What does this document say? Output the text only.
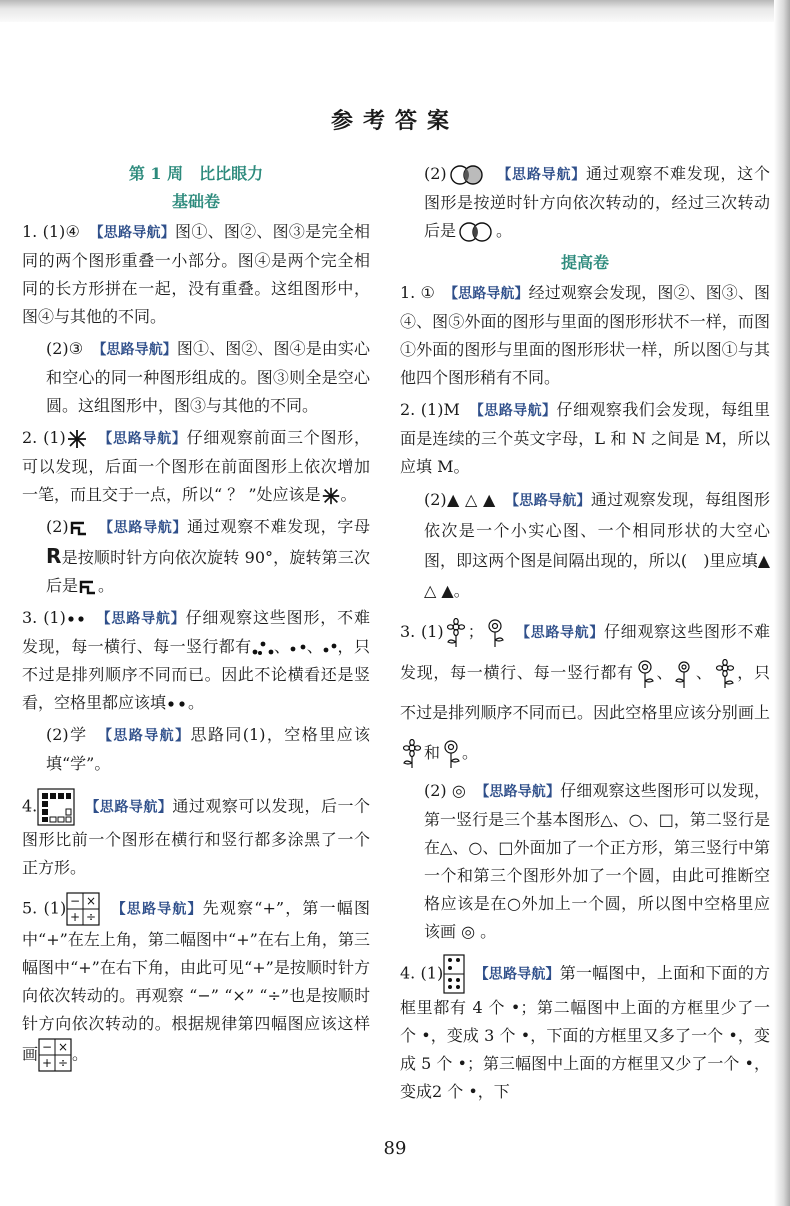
参考答案
第 1 周　比比眼力
基础卷

1. (1)④　【思路导航】图①、图②、图③是完全相同的两个图形重叠一小部分。图④是两个完全相同的长方形拼在一起，没有重叠。这组图形中，图④与其他的不同。

(2)③　【思路导航】图①、图②、图④是由实心和空心的同一种图形组成的。图③则全是空心圆。这组图形中，图③与其他的不同。

2. (1)　	【思路导航】仔细观察前面三个图形，可以发现，后面一个图形在前面图形上依次增加一笔，而且交于一点，所以“ ？ ”处应该是 。

(2)　	【思路导航】通过观察不难发现，字母R是按顺时针方向依次旋转 90°，旋转第三次后是 。

3. (1)　	【思路导航】仔细观察这些图形，不难发现，每一横行、每一竖行都有 、 、 ，只不过是排列顺序不同而已。因此不论横看还是竖看，空格里都应该填 。

(2)学　【思路导航】思路同(1)，空格里应该填“学”。

4.　	【思路导航】通过观察可以发现，后一个图形比前一个图形在横行和竖行都多涂黑了一个正方形。

5. (1) − ×
+ ÷
　 【思路导航】先观察“+”，第一幅图中“+”在左上角，第二幅图中“+”在右上角，第三幅图中“+”在右下角，由此可见“+”是按顺时针方向依次转动的。再观察 “−” “×” “÷”也是按顺时针方向依次转动的。根据规律第四幅图应该这样画 − ×
+ ÷ 。

(2)　	【思路导航】通过观察不难发现，这个图形是按逆时针方向依次转动的，经过三次转动后是	。

提高卷

1. ①　【思路导航】经过观察会发现，图②、图③、图④、图⑤外面的图形与里面的图形形状不一样，而图①外面的图形与里面的图形形状一样，所以图①与其他四个图形稍有不同。

2. (1)M　【思路导航】仔细观察我们会发现，每组里面是连续的三个英文字母，L 和 N 之间是 M，所以应填 M。

(2)▲ △ ▲　 【思路导航】通过观察发现，每组图形依次是一个小实心图、一个相同形状的大空心图，即这两个图是间隔出现的，所以(　)里应填▲ △ ▲。

3. (1) ；　	【思路导航】仔细观察这些图形不难发现，每一横行、每一竖行都有 、 、 ，只不过是排列顺序不同而已。因此空格里应该分别画上和 。

(2) ◎　【思路导航】仔细观察这些图形可以发现，第一竖行是三个基本图形△、○、□，第二竖行是在△、○、□外面加了一个正方形，第三竖行中第一个和第三个图形外加了一个圆，由此可推断空格应该是在○外加上一个圆，所以图中空格里应该画 ◎ 。

4. (1)　	【思路导航】第一幅图中，上面和下面的方框里都有 4 个 •；第二幅图中上面的方框里少了一个 •，变成 3 个 •，下面的方框里又多了一个 •，变成 5 个 •；第三幅图中上面的方框里又少了一个 •，变成2 个 •，下

89
